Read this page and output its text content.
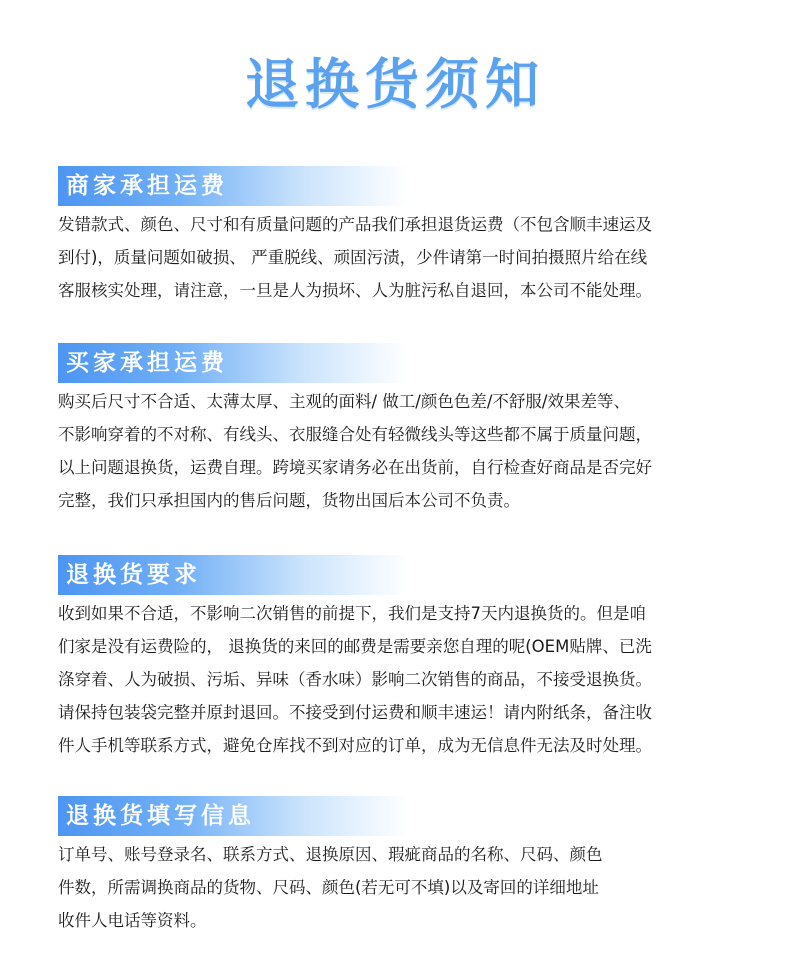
退换货须知
商家承担运费
发错款式、颜色、尺寸和有质量问题的产品我们承担退货运费（不包含顺丰速运及
到付)，质量问题如破损、 严重脱线、顽固污渍，少件请第一时间拍摄照片给在线
客服核实处理，请注意，一旦是人为损坏、人为脏污私自退回，本公司不能处理。
买家承担运费
购买后尺寸不合适、太薄太厚、主观的面料/ 做工/颜色色差/不舒服/效果差等、
不影响穿着的不对称、有线头、衣服缝合处有轻微线头等这些都不属于质量问题，
以上问题退换货，运费自理。跨境买家请务必在出货前，自行检查好商品是否完好
完整，我们只承担国内的售后问题，货物出国后本公司不负责。
退换货要求
收到如果不合适，不影响二次销售的前提下，我们是支持7天内退换货的。但是咱
们家是没有运费险的， 退换货的来回的邮费是需要亲您自理的呢(OEM贴牌、已洗
涤穿着、人为破损、污垢、异味（香水味）影响二次销售的商品，不接受退换货。
请保持包装袋完整并原封退回。不接受到付运费和顺丰速运！请内附纸条，备注收
件人手机等联系方式，避免仓库找不到对应的订单，成为无信息件无法及时处理。
退换货填写信息
订单号、账号登录名、联系方式、退换原因、瑕疵商品的名称、尺码、颜色
件数，所需调换商品的货物、尺码、颜色(若无可不填)以及寄回的详细地址
收件人电话等资料。
